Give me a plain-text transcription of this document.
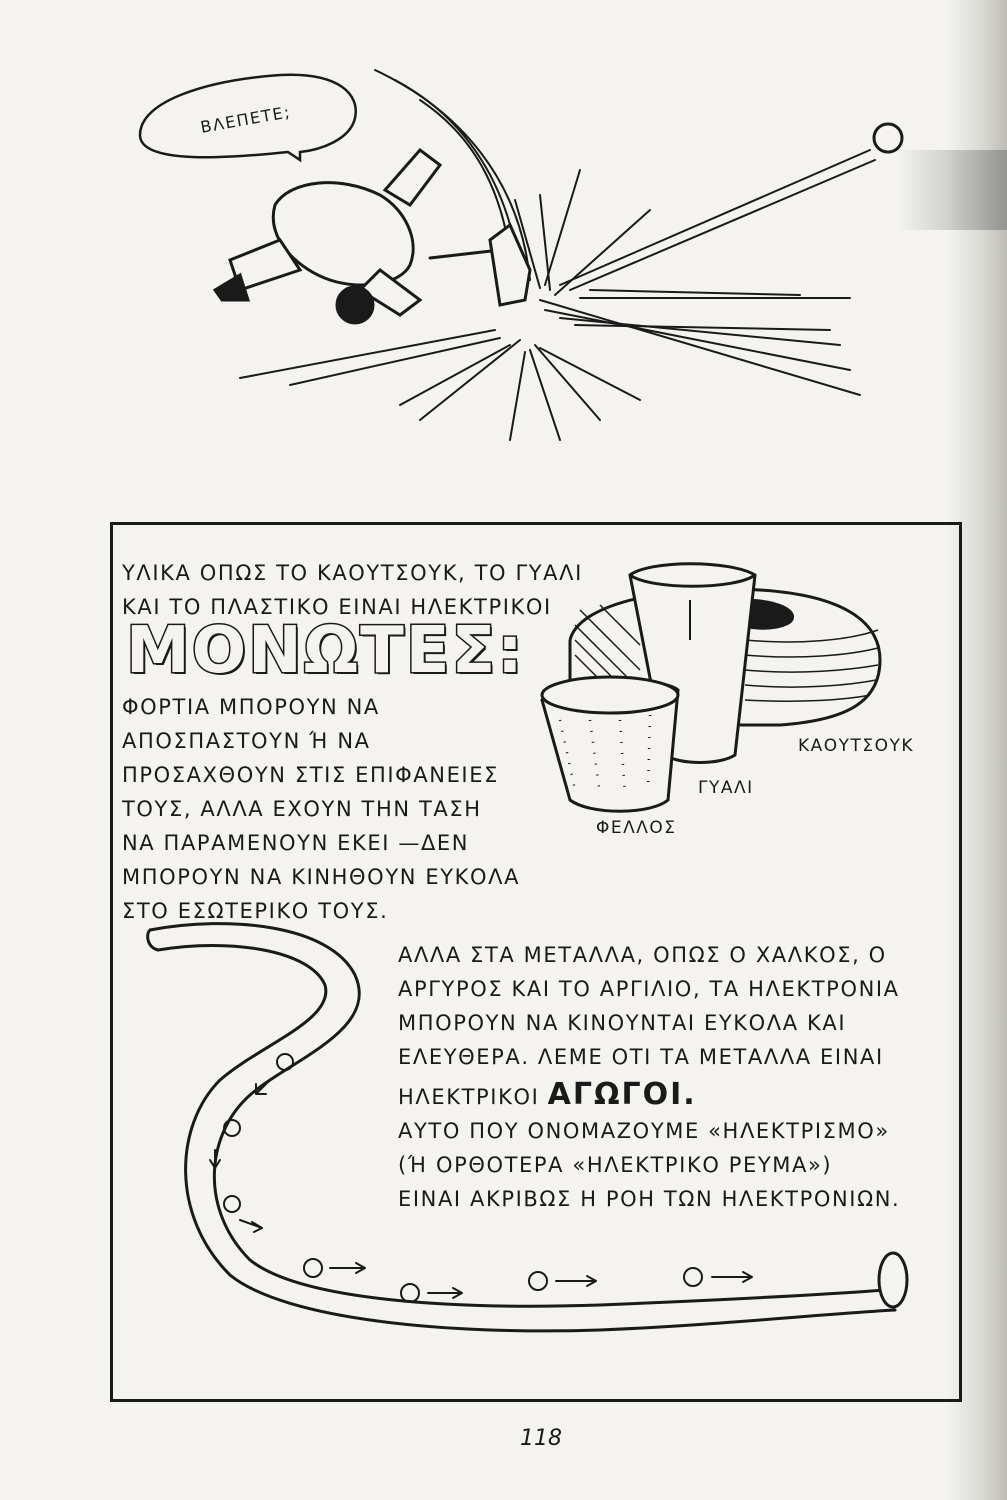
ΒΛΕΠΕΤΕ;
ΥΛΙΚΑ ΟΠΩΣ ΤΟ ΚΑΟΥΤΣΟΥΚ, ΤΟ ΓΥΑΛΙ
ΚΑΙ ΤΟ ΠΛΑΣΤΙΚΟ ΕΙΝΑΙ ΗΛΕΚΤΡΙΚΟΙ
ΜΟΝΩΤΕΣ:
ΦΟΡΤΙΑ ΜΠΟΡΟΥΝ ΝΑ
ΑΠΟΣΠΑΣΤΟΥΝ Ή ΝΑ
ΠΡΟΣΑΧΘΟΥΝ ΣΤΙΣ ΕΠΙΦΑΝΕΙΕΣ
ΤΟΥΣ, ΑΛΛΑ ΕΧΟΥΝ ΤΗΝ ΤΑΣΗ
ΝΑ ΠΑΡΑΜΕΝΟΥΝ ΕΚΕΙ —ΔΕΝ
ΜΠΟΡΟΥΝ ΝΑ ΚΙΝΗΘΟΥΝ ΕΥΚΟΛΑ
ΣΤΟ ΕΣΩΤΕΡΙΚΟ ΤΟΥΣ.
ΚΑΟΥΤΣΟΥΚ
ΓΥΑΛΙ
ΦΕΛΛΟΣ
ΑΛΛΑ ΣΤΑ ΜΕΤΑΛΛΑ, ΟΠΩΣ Ο ΧΑΛΚΟΣ, Ο
ΑΡΓΥΡΟΣ ΚΑΙ ΤΟ ΑΡΓΙΛΙΟ, ΤΑ ΗΛΕΚΤΡΟΝΙΑ
ΜΠΟΡΟΥΝ ΝΑ ΚΙΝΟΥΝΤΑΙ ΕΥΚΟΛΑ ΚΑΙ
ΕΛΕΥΘΕΡΑ. ΛΕΜΕ ΟΤΙ ΤΑ ΜΕΤΑΛΛΑ ΕΙΝΑΙ
ΗΛΕΚΤΡΙΚΟΙ ΑΓΩΓΟΙ.
ΑΥΤΟ ΠΟΥ ΟΝΟΜΑΖΟΥΜΕ «ΗΛΕΚΤΡΙΣΜΟ»
(Ή ΟΡΘΟΤΕΡΑ «ΗΛΕΚΤΡΙΚΟ ΡΕΥΜΑ»)
ΕΙΝΑΙ ΑΚΡΙΒΩΣ Η ΡΟΗ ΤΩΝ ΗΛΕΚΤΡΟΝΙΩΝ.
118
